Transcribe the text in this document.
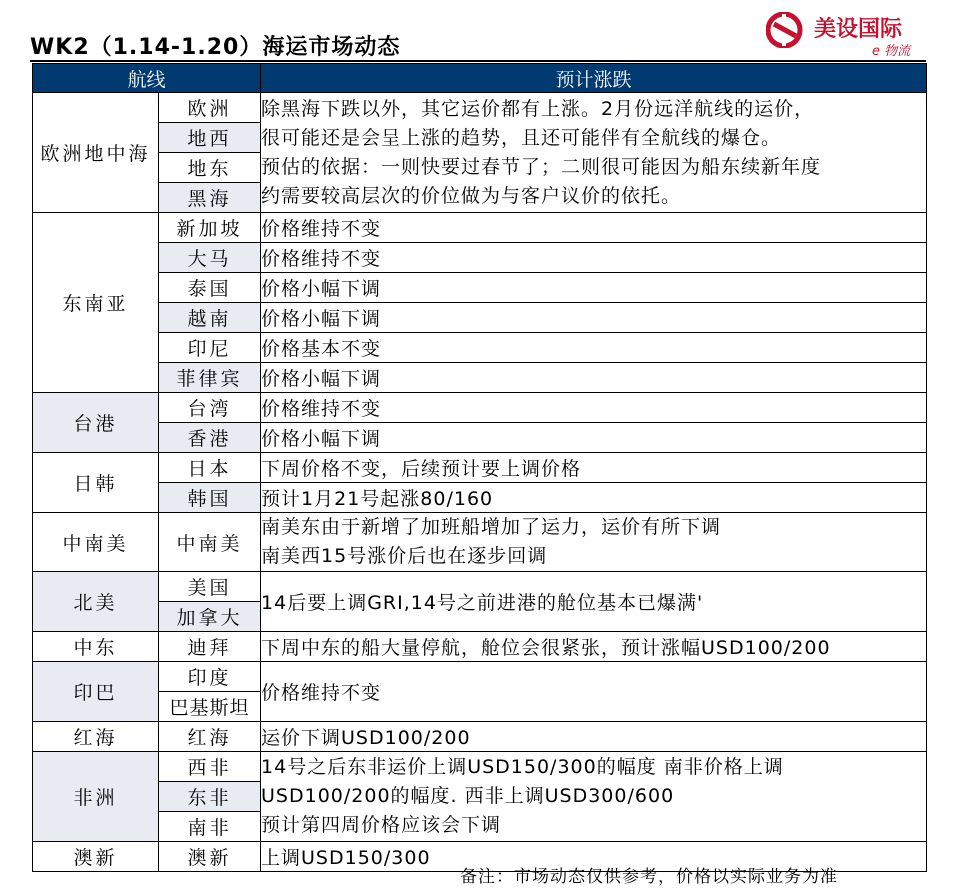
WK2（1.14-1.20）海运市场动态
美设国际
e 物流
航线		预计涨跌
欧洲地中海	欧洲	除黑海下跌以外，其它运价都有上涨。2月份远洋航线的运价，
很可能还是会呈上涨的趋势，且还可能伴有全航线的爆仓。
预估的依据：一则快要过春节了；二则很可能因为船东续新年度
约需要较高层次的价位做为与客户议价的依托。

	地西	
	地东	
	黑海	
东南亚	新加坡	价格维持不变
	大马	价格维持不变
	泰国	价格小幅下调
	越南	价格小幅下调
	印尼	价格基本不变
	菲律宾	价格小幅下调
台港	台湾	价格维持不变
	香港	价格小幅下调
日韩	日本	下周价格不变，后续预计要上调价格
	韩国	预计1月21号起涨80/160
中南美	中南美	南美东由于新增了加班船增加了运力，运价有所下调
南美西15号涨价后也在逐步回调

北美	美国	14后要上调GRI,14号之前进港的舱位基本已爆满'
	加拿大	
中东	迪拜	下周中东的船大量停航，舱位会很紧张，预计涨幅USD100/200
印巴	印度	价格维持不变
	巴基斯坦	
红海	红海	运价下调USD100/200
非洲	西非	14号之后东非运价上调USD150/300的幅度 南非价格上调
USD100/200的幅度. 西非上调USD300/600
预计第四周价格应该会下调

	东非	
	南非	
澳新	澳新	上调USD150/300
备注：市场动态仅供参考，价格以实际业务为准
